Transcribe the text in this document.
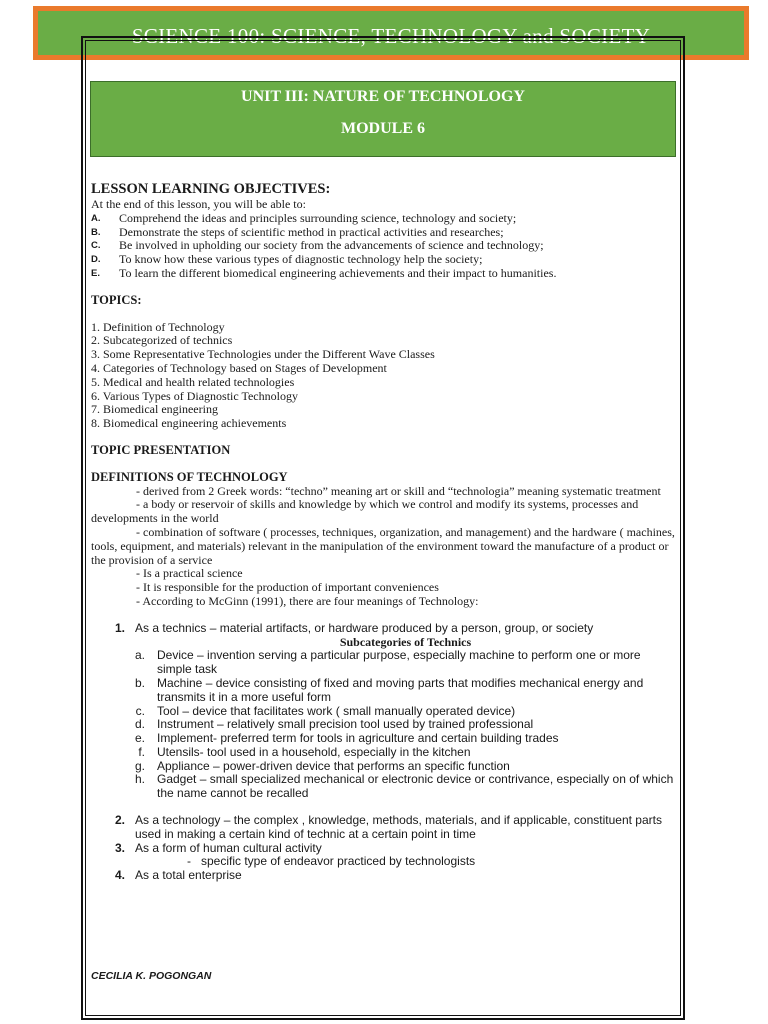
SCIENCE 100: SCIENCE, TECHNOLOGY and SOCIETY
UNIT III: NATURE OF TECHNOLOGY
MODULE 6
LESSON LEARNING OBJECTIVES:
At the end of this lesson, you will be able to:
A.	Comprehend the ideas and principles surrounding science, technology and society;
B.	Demonstrate the steps of scientific method in practical activities and researches;
C.	Be involved in upholding our society from the advancements of science and technology;
D.	To know how these various types of diagnostic technology help the society;
E.	To learn the different biomedical engineering achievements and their impact to humanities.
TOPICS:
1. Definition of Technology
2. Subcategorized of technics
3. Some Representative Technologies under the Different Wave Classes
4. Categories of Technology based on Stages of Development
5. Medical and health related technologies
6. Various Types of Diagnostic Technology
7. Biomedical engineering
8. Biomedical engineering achievements
TOPIC PRESENTATION
DEFINITIONS OF TECHNOLOGY
- derived from 2 Greek words: “techno” meaning art or skill and “technologia” meaning systematic treatment
- a body or reservoir of skills and knowledge by which we control and modify its systems, processes and developments in the world
- combination of software ( processes, techniques, organization, and management) and the hardware ( machines, tools, equipment, and materials) relevant in the manipulation of the environment toward the manufacture of a product or the provision of a service
- Is a practical science
- It is responsible for the production of important conveniences
- According to McGinn (1991), there are four meanings of Technology:
1. As a technics – material artifacts, or hardware produced by a person, group, or society
Subcategories of Technics
a.	Device – invention serving a particular purpose, especially machine to perform one or more simple task
b.	Machine – device consisting of fixed and moving parts that modifies mechanical energy and transmits it in a more useful form
c.	Tool – device that facilitates work ( small manually operated device)
d.	Instrument – relatively small precision tool used by trained professional
e.	Implement- preferred term for tools in agriculture and certain building trades
f.	Utensils- tool used in a household, especially in the kitchen
g.	Appliance – power-driven device that performs an specific function
h.	Gadget – small specialized mechanical or electronic device or contrivance, especially on of which the name cannot be recalled
2. As a technology – the complex , knowledge, methods, materials, and if applicable, constituent parts used in making a certain kind of technic at a certain point in time
3. As a form of human cultural activity
- specific type of endeavor practiced by technologists
4. As a total enterprise
CECILIA K. POGONGAN
